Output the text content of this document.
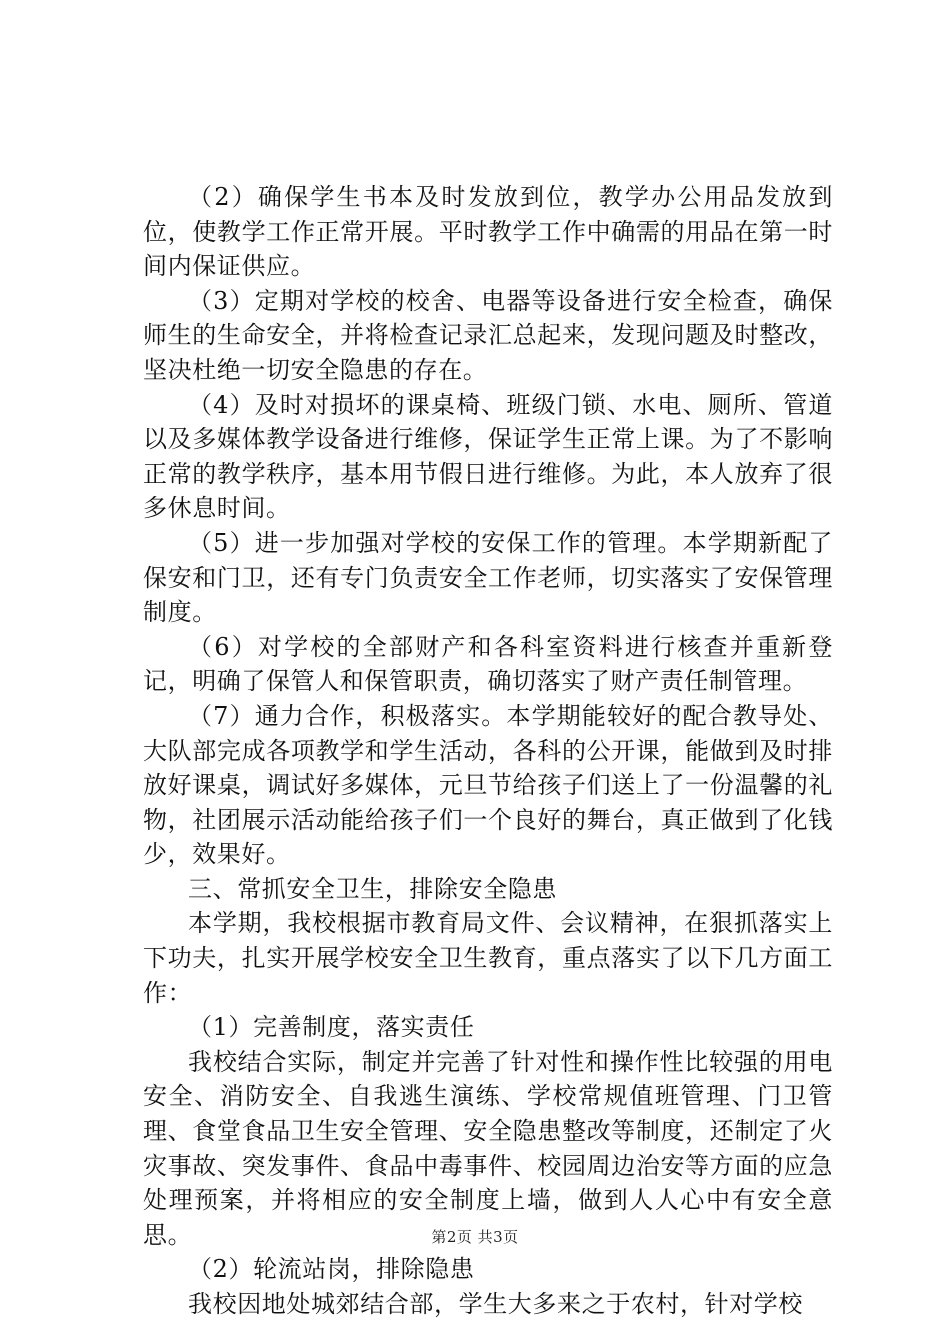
（2）确保学生书本及时发放到位，教学办公用品发放到位，使教学工作正常开展。平时教学工作中确需的用品在第一时间内保证供应。

（3）定期对学校的校舍、电器等设备进行安全检查，确保师生的生命安全，并将检查记录汇总起来，发现问题及时整改，坚决杜绝一切安全隐患的存在。

（4）及时对损坏的课桌椅、班级门锁、水电、厕所、管道以及多媒体教学设备进行维修，保证学生正常上课。为了不影响正常的教学秩序，基本用节假日进行维修。为此，本人放弃了很多休息时间。

（5）进一步加强对学校的安保工作的管理。本学期新配了保安和门卫，还有专门负责安全工作老师，切实落实了安保管理制度。

（6）对学校的全部财产和各科室资料进行核查并重新登记，明确了保管人和保管职责，确切落实了财产责任制管理。

（7）通力合作，积极落实。本学期能较好的配合教导处、大队部完成各项教学和学生活动，各科的公开课，能做到及时排放好课桌，调试好多媒体，元旦节给孩子们送上了一份温馨的礼物，社团展示活动能给孩子们一个良好的舞台，真正做到了化钱少，效果好。

三、常抓安全卫生，排除安全隐患

本学期，我校根据市教育局文件、会议精神，在狠抓落实上下功夫，扎实开展学校安全卫生教育，重点落实了以下几方面工作：

（1）完善制度，落实责任

我校结合实际，制定并完善了针对性和操作性比较强的用电安全、消防安全、自我逃生演练、学校常规值班管理、门卫管理、食堂食品卫生安全管理、安全隐患整改等制度，还制定了火灾事故、突发事件、食品中毒事件、校园周边治安等方面的应急处理预案，并将相应的安全制度上墙，做到人人心中有安全意思。

（2）轮流站岗，排除隐患

我校因地处城郊结合部，学生大多来之于农村，针对学校

第2页 共3页
